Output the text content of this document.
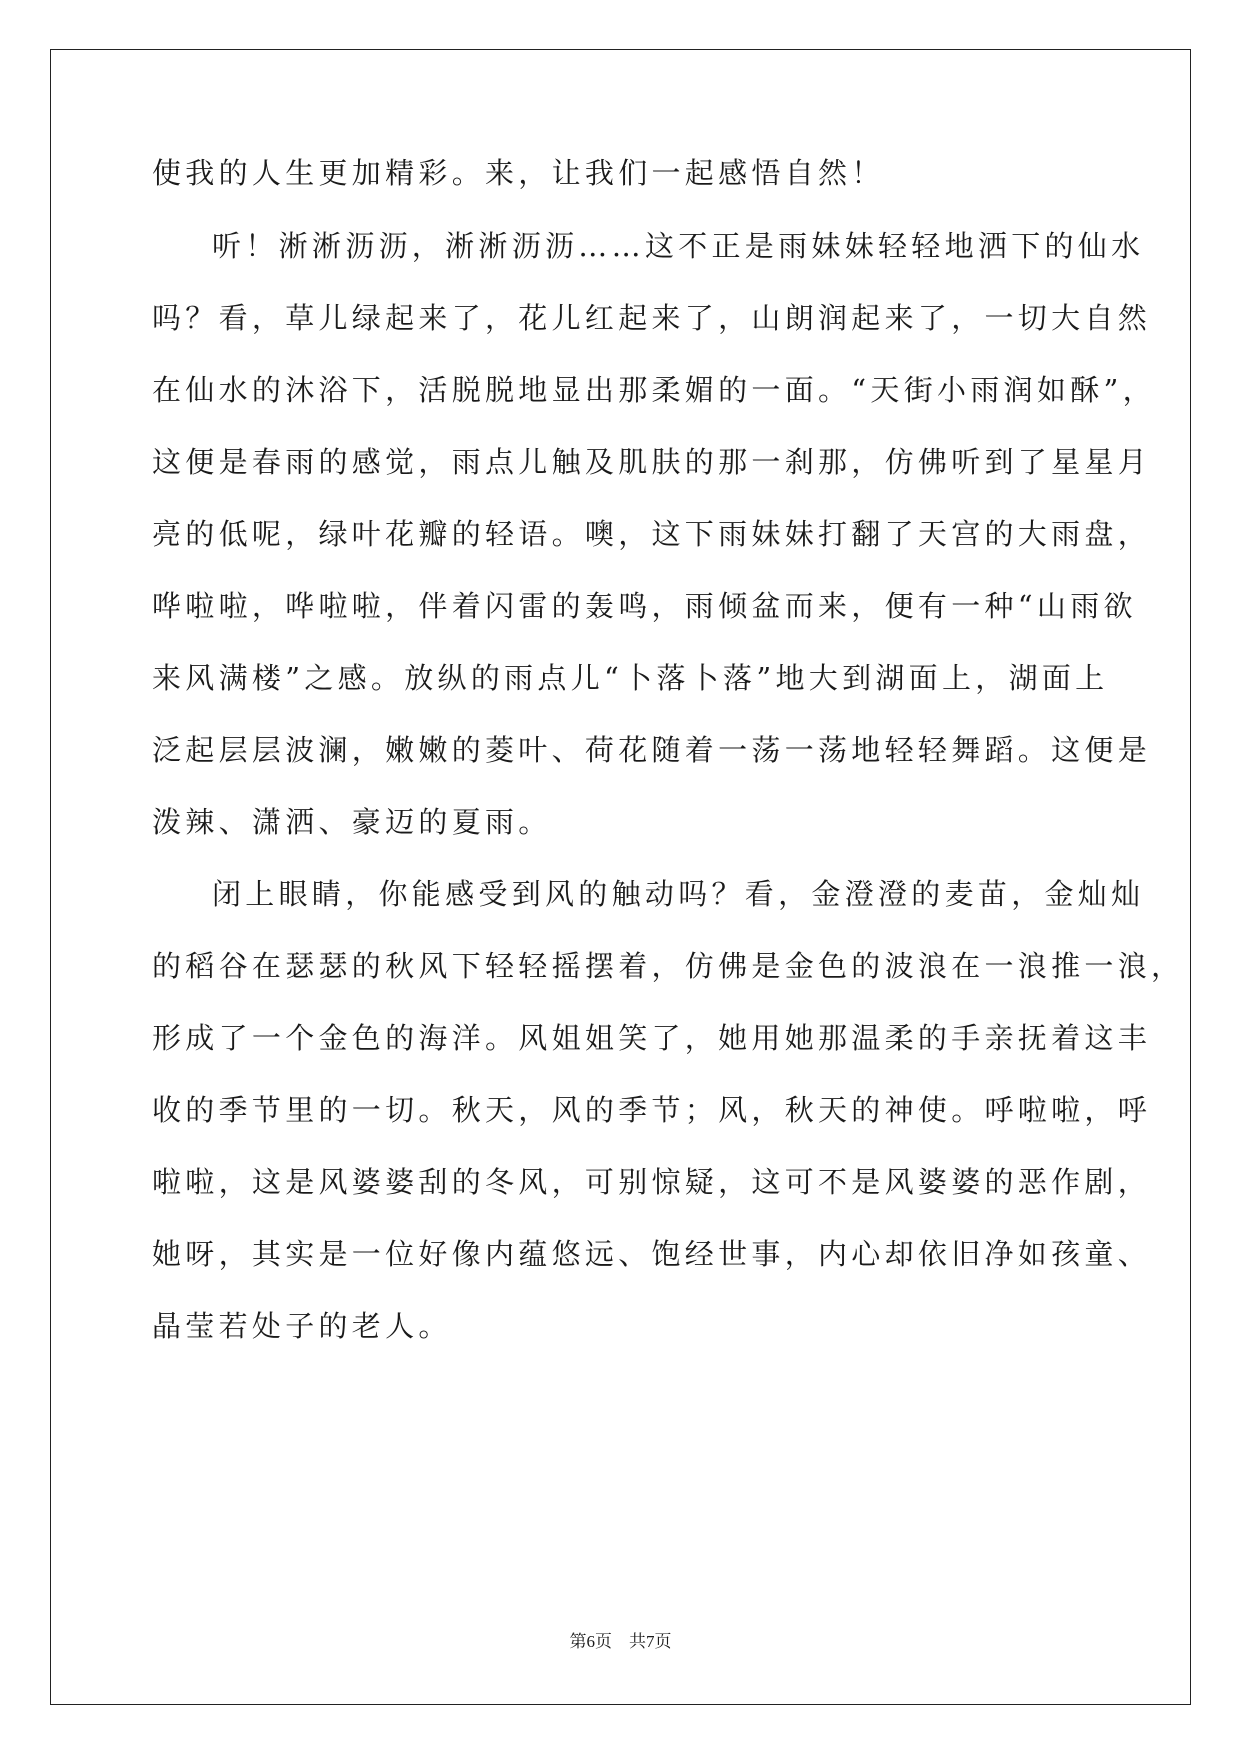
使我的人生更加精彩。来，让我们一起感悟自然！
听！淅淅沥沥，淅淅沥沥……这不正是雨妹妹轻轻地洒下的仙水
吗？看，草儿绿起来了，花儿红起来了，山朗润起来了，一切大自然
在仙水的沐浴下，活脱脱地显出那柔媚的一面。“天街小雨润如酥”，
这便是春雨的感觉，雨点儿触及肌肤的那一刹那，仿佛听到了星星月
亮的低呢，绿叶花瓣的轻语。噢，这下雨妹妹打翻了天宫的大雨盘，
哗啦啦，哗啦啦，伴着闪雷的轰鸣，雨倾盆而来，便有一种“山雨欲
来风满楼”之感。放纵的雨点儿“卜落卜落”地大到湖面上，湖面上
泛起层层波澜，嫩嫩的菱叶、荷花随着一荡一荡地轻轻舞蹈。这便是
泼辣、潇洒、豪迈的夏雨。
闭上眼睛，你能感受到风的触动吗？看，金澄澄的麦苗，金灿灿
的稻谷在瑟瑟的秋风下轻轻摇摆着，仿佛是金色的波浪在一浪推一浪，
形成了一个金色的海洋。风姐姐笑了，她用她那温柔的手亲抚着这丰
收的季节里的一切。秋天，风的季节；风，秋天的神使。呼啦啦，呼
啦啦，这是风婆婆刮的冬风，可别惊疑，这可不是风婆婆的恶作剧，
她呀，其实是一位好像内蕴悠远、饱经世事，内心却依旧净如孩童、
晶莹若处子的老人。
第6页　共7页
